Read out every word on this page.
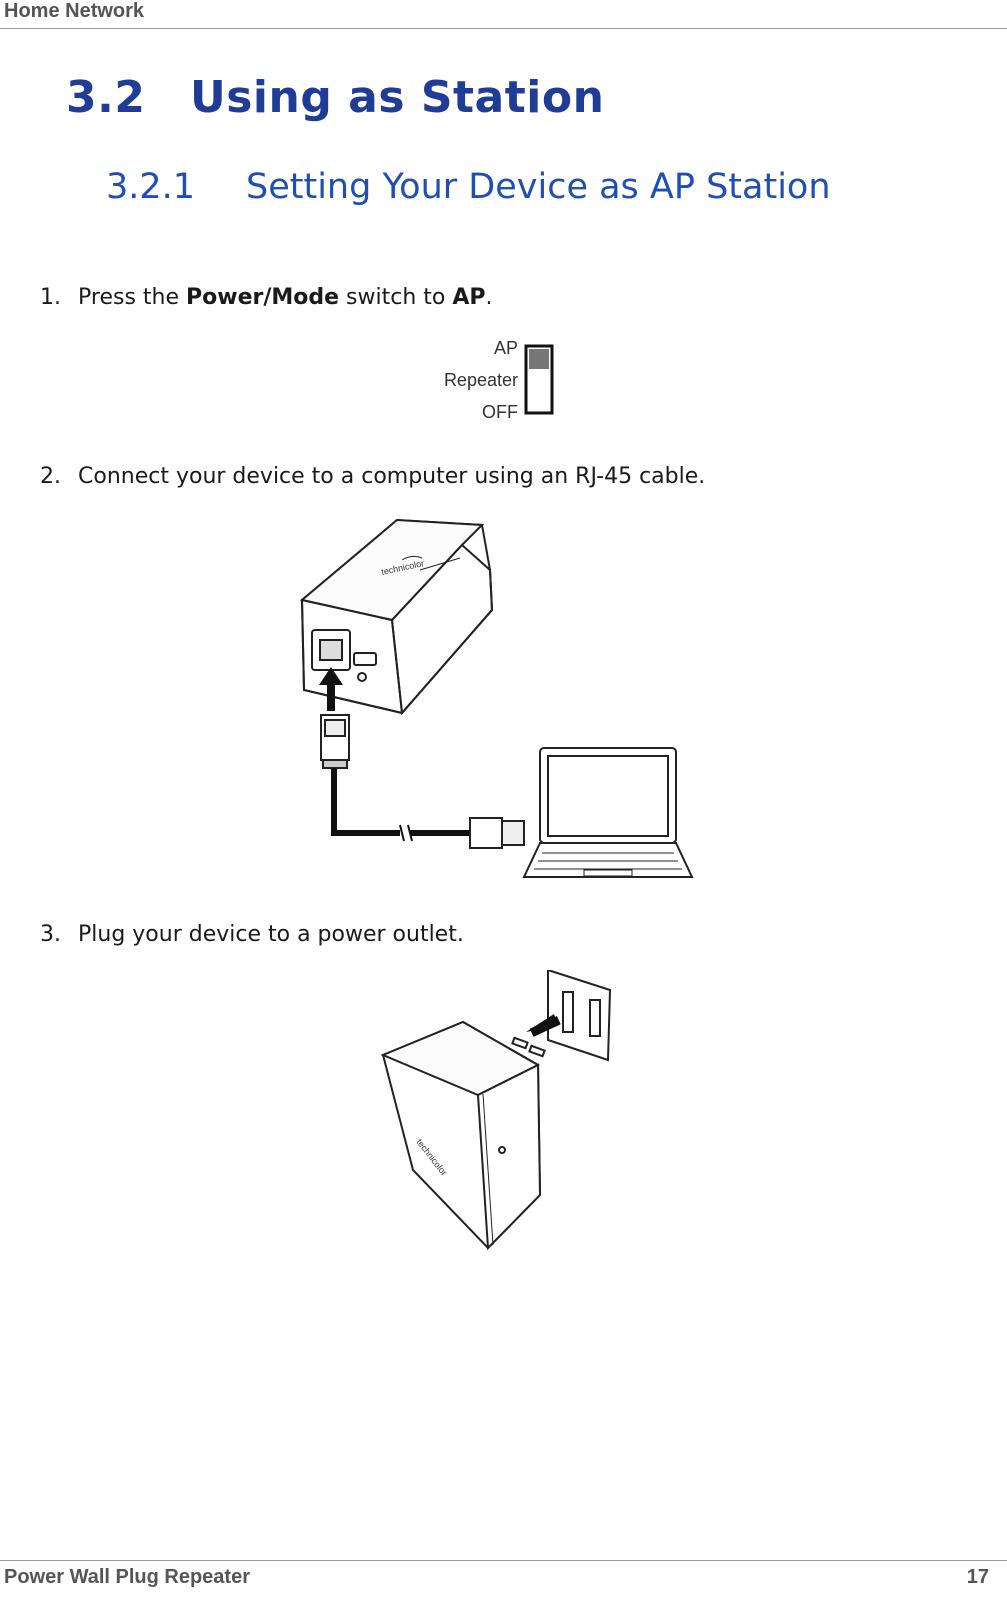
Home Network
3.2 Using as Station
3.2.1 Setting Your Device as AP Station

1. Press the Power/Mode switch to AP.

AP
Repeater
OFF

2. Connect your device to a computer using an RJ-45 cable.

technicolor

3. Plug your device to a power outlet.

technicolor
Power Wall Plug Repeater	17
